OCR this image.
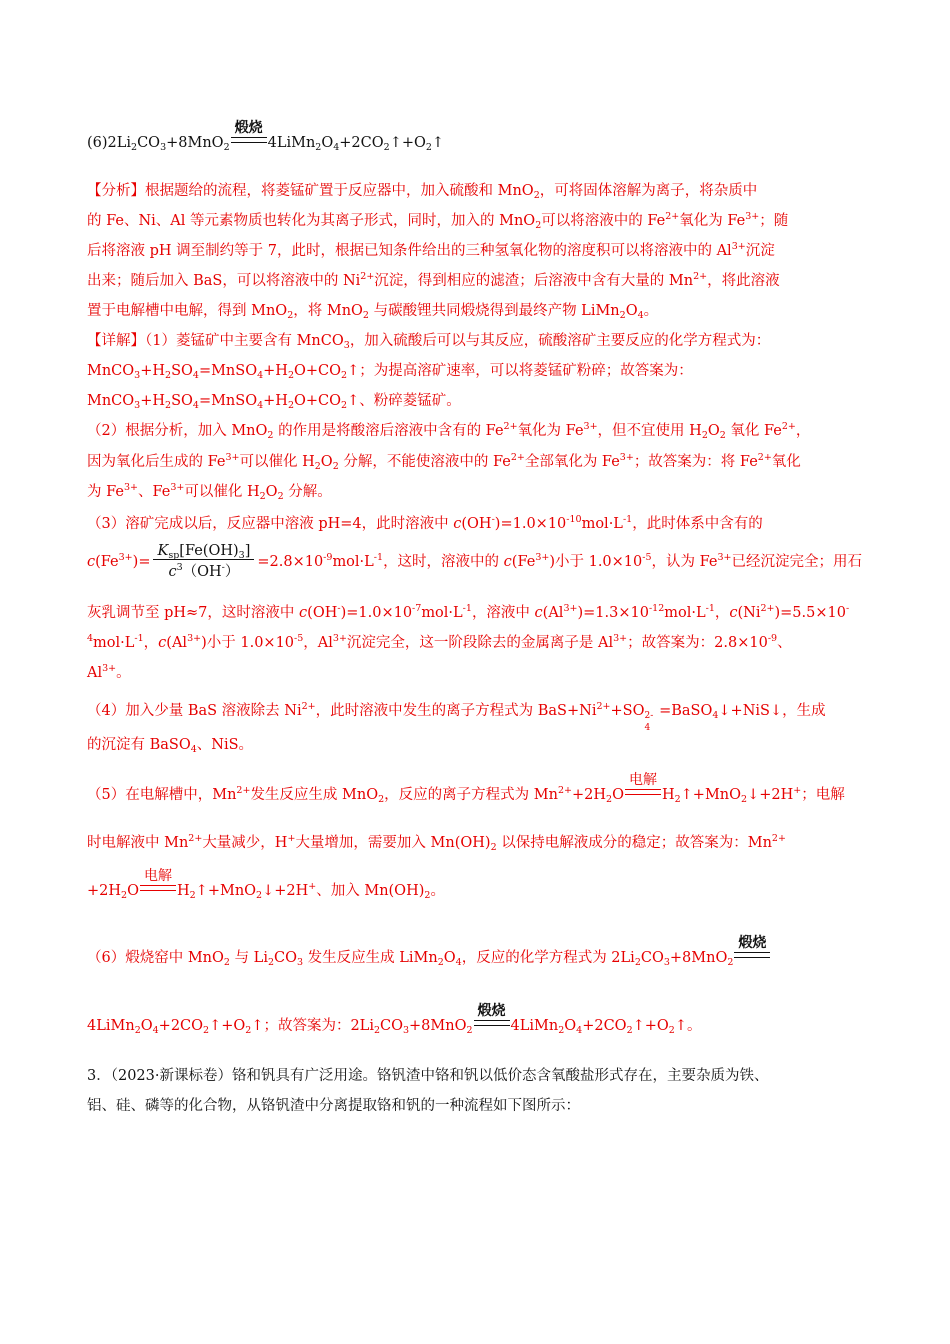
$(6)2Li_2CO_3+8MnO_2$
煅烧
$4LiMn_2O_4+2CO_2↑+O_2↑$
【分析】根据题给的流程，将菱锰矿置于反应器中，加入硫酸和 MnO$_2$，可将固体溶解为离子，将杂质中
的 Fe、Ni、Al 等元素物质也转化为其离子形式，同时，加入的 MnO$_2$可以将溶液中的 $Fe^{2+}$氧化为 $Fe^{3+}$；随
后将溶液 pH 调至制约等于 7，此时，根据已知条件给出的三种氢氧化物的溶度积可以将溶液中的 $Al^{3+}$沉淀
出来；随后加入 BaS，可以将溶液中的 $Ni^{2+}$沉淀，得到相应的滤渣；后溶液中含有大量的 $Mn^{2+}$，将此溶液
置于电解槽中电解，得到 MnO$_2$，将 MnO$_2$ 与碳酸锂共同煅烧得到最终产物 $LiMn_2O_4$。
【详解】（1）菱锰矿中主要含有 MnCO$_3$，加入硫酸后可以与其反应，硫酸溶矿主要反应的化学方程式为：
$MnCO_3+H_2SO_4=MnSO_4+H_2O+CO_2↑$；为提高溶矿速率，可以将菱锰矿粉碎；故答案为：
$MnCO_3+H_2SO_4=MnSO_4+H_2O+CO_2↑$、粉碎菱锰矿。
（2）根据分析，加入 MnO$_2$ 的作用是将酸溶后溶液中含有的 $Fe^{2+}$氧化为 $Fe^{3+}$，但不宜使用 $H_2O_2$ 氧化 $Fe^{2+}$，
因为氧化后生成的 $Fe^{3+}$可以催化 $H_2O_2$ 分解，不能使溶液中的 $Fe^{2+}$全部氧化为 $Fe^{3+}$；故答案为：将 $Fe^{2+}$氧化
为 $Fe^{3+}$、$Fe^{3+}$可以催化 $H_2O_2$ 分解。
（3）溶矿完成以后，反应器中溶液 pH=4，此时溶液中 $c(OH^-)=1.0\times 10^{-10}mol\cdot L^{-1}$，此时体系中含有的
$c(Fe^{3+})= \frac{K_{sp}[Fe(OH)_3]}{c^3(OH^-)} =2.8\times 10^{-9}mol\cdot L^{-1}$，这时，溶液中的 $c(Fe^{3+})$小于 $1.0\times 10^{-5}$，认为 $Fe^{3+}$已经沉淀完全；用石
灰乳调节至 pH≈7，这时溶液中 $c(OH^-)=1.0\times 10^{-7}mol\cdot L^{-1}$，溶液中 $c(Al^{3+})=1.3\times 10^{-12}mol\cdot L^{-1}$，$c(Ni^{2+})=5.5\times 10^-$
$^4mol\cdot L^{-1}$，$c(Al^{3+})$小于 $1.0\times 10^{-5}$，$Al^{3+}$沉淀完全，这一阶段除去的金属离子是 $Al^{3+}$；故答案为：$2.8\times 10^{-9}$、
$Al^{3+}$。
（4）加入少量 BaS 溶液除去 $Ni^{2+}$，此时溶液中发生的离子方程式为 $BaS+Ni^{2+}+SO$ 2-
4
=BaSO$_4$↓+NiS↓，生成
的沉淀有 BaSO$_4$、NiS。
（5）在电解槽中，$Mn^{2+}$发生反应生成 MnO$_2$，反应的离子方程式为 $Mn^{2+}+2H_2O$
电解
$H_2↑+MnO_2↓+2H^+$；电解
时电解液中 $Mn^{2+}$大量减少，H+大量增加，需要加入 $Mn(OH)_2$ 以保持电解液成分的稳定；故答案为：$Mn^{2+}$
$+2H_2O$
电解
$H_2↑+MnO_2↓+2H^+$、加入 $Mn(OH)_2$。
（6）煅烧窑中 MnO$_2$ 与 $Li_2CO_3$ 发生反应生成 $LiMn_2O_4$，反应的化学方程式为 $2Li_2CO_3+8MnO_2$
煅烧
$4LiMn_2O_4+2CO_2↑+O_2↑$；故答案为：$2Li_2CO_3+8MnO_2$
煅烧
$4LiMn_2O_4+2CO_2↑+O_2↑$。
3．（2023·新课标卷）铬和钒具有广泛用途。铬钒渣中铬和钒以低价态含氧酸盐形式存在，主要杂质为铁、
铝、硅、磷等的化合物，从铬钒渣中分离提取铬和钒的一种流程如下图所示：
